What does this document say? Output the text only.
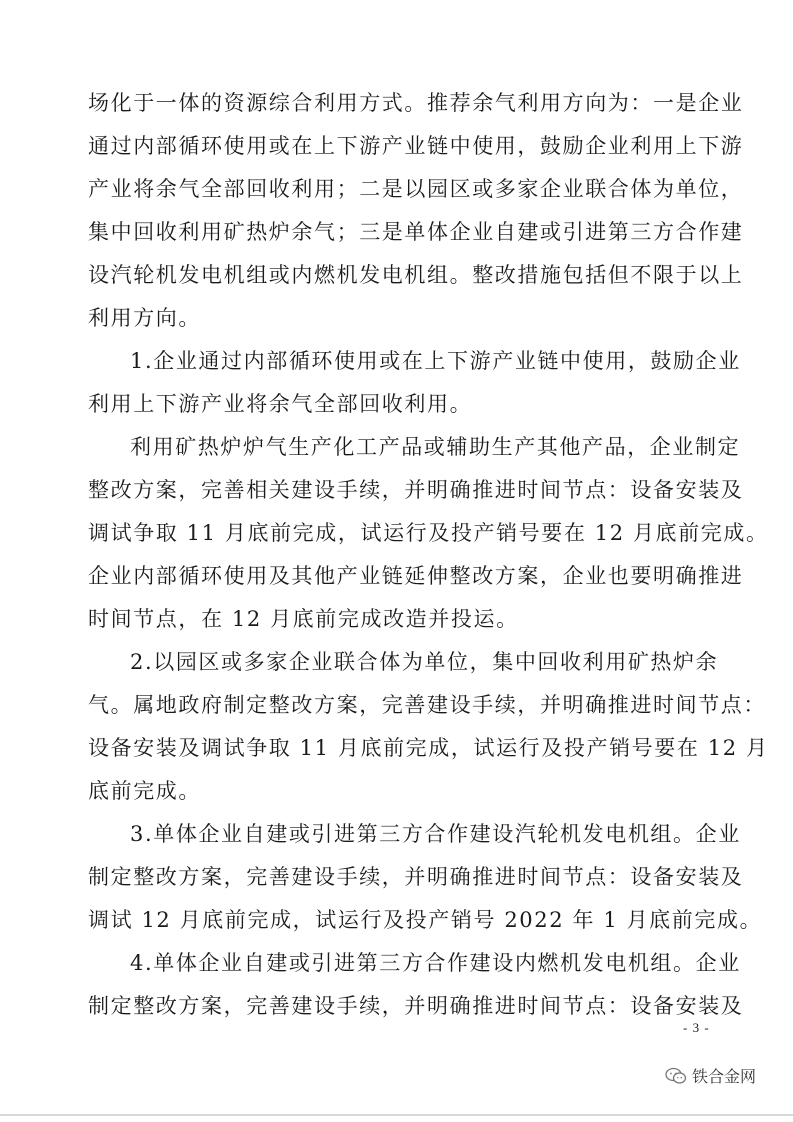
场化于一体的资源综合利用方式。推荐余气利用方向为：一是企业
通过内部循环使用或在上下游产业链中使用，鼓励企业利用上下游
产业将余气全部回收利用；二是以园区或多家企业联合体为单位，
集中回收利用矿热炉余气；三是单体企业自建或引进第三方合作建
设汽轮机发电机组或内燃机发电机组。整改措施包括但不限于以上
利用方向。
1.企业通过内部循环使用或在上下游产业链中使用，鼓励企业
利用上下游产业将余气全部回收利用。
利用矿热炉炉气生产化工产品或辅助生产其他产品，企业制定
整改方案，完善相关建设手续，并明确推进时间节点：设备安装及
调试争取 11 月底前完成，试运行及投产销号要在 12 月底前完成。
企业内部循环使用及其他产业链延伸整改方案，企业也要明确推进
时间节点，在 12 月底前完成改造并投运。
2.以园区或多家企业联合体为单位，集中回收利用矿热炉余
气。属地政府制定整改方案，完善建设手续，并明确推进时间节点：
设备安装及调试争取 11 月底前完成，试运行及投产销号要在 12 月
底前完成。
3.单体企业自建或引进第三方合作建设汽轮机发电机组。企业
制定整改方案，完善建设手续，并明确推进时间节点：设备安装及
调试 12 月底前完成，试运行及投产销号 2022 年 1 月底前完成。
4.单体企业自建或引进第三方合作建设内燃机发电机组。企业
制定整改方案，完善建设手续，并明确推进时间节点：设备安装及
- 3 -
铁合金网
